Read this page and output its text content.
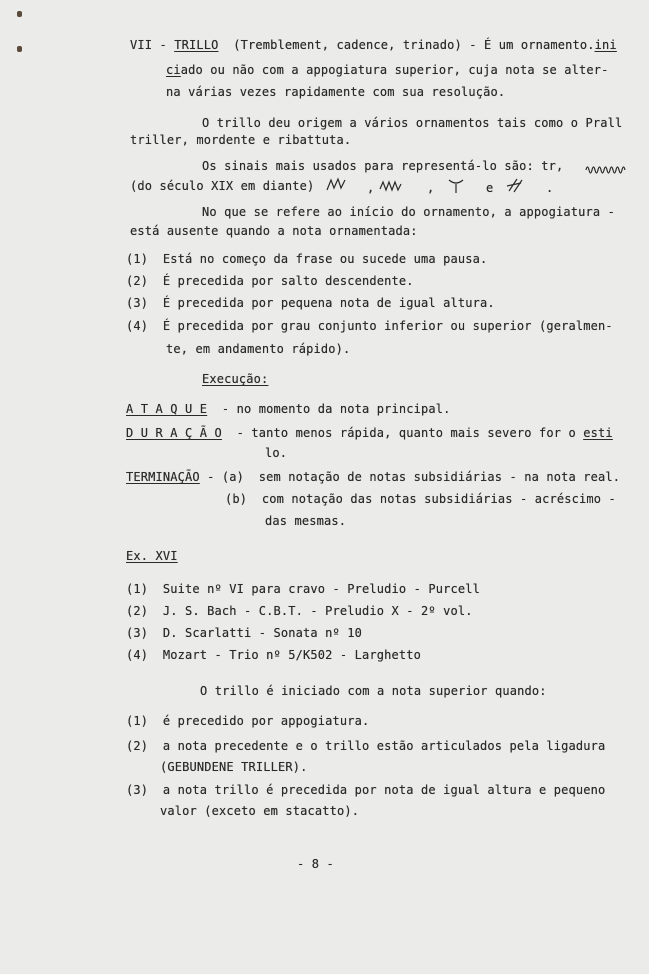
VII - TRILLO (Tremblement, cadence, trinado) - É um ornamento.ini
ciado ou não com a appogiatura superior, cuja nota se alter-
na várias vezes rapidamente com sua resolução.
O trillo deu origem a vários ornamentos tais como o Prall
triller, mordente e ribattuta.
Os sinais mais usados para representá-lo são: tr,
(do século XIX em diante)	,	,	e	.
No que se refere ao início do ornamento, a appogiatura -
está ausente quando a nota ornamentada:
(1) Está no começo da frase ou sucede uma pausa.
(2) É precedida por salto descendente.
(3) É precedida por pequena nota de igual altura.
(4) É precedida por grau conjunto inferior ou superior (geralmen-
te, em andamento rápido).
Execução:
A T A Q U E - no momento da nota principal.
D U R A Ç Ã O - tanto menos rápida, quanto mais severo for o esti
lo.
TERMINAÇÃO - (a) sem notação de notas subsidiárias - na nota real.
(b) com notação das notas subsidiárias - acréscimo -
das mesmas.
Ex. XVI
(1) Suite nº VI para cravo - Preludio - Purcell
(2) J. S. Bach - C.B.T. - Preludio X - 2º vol.
(3) D. Scarlatti - Sonata nº 10
(4) Mozart - Trio nº 5/K502 - Larghetto
O trillo é iniciado com a nota superior quando:
(1) é precedido por appogiatura.
(2) a nota precedente e o trillo estão articulados pela ligadura
(GEBUNDENE TRILLER).
(3) a nota trillo é precedida por nota de igual altura e pequeno
valor (exceto em stacatto).
- 8 -
